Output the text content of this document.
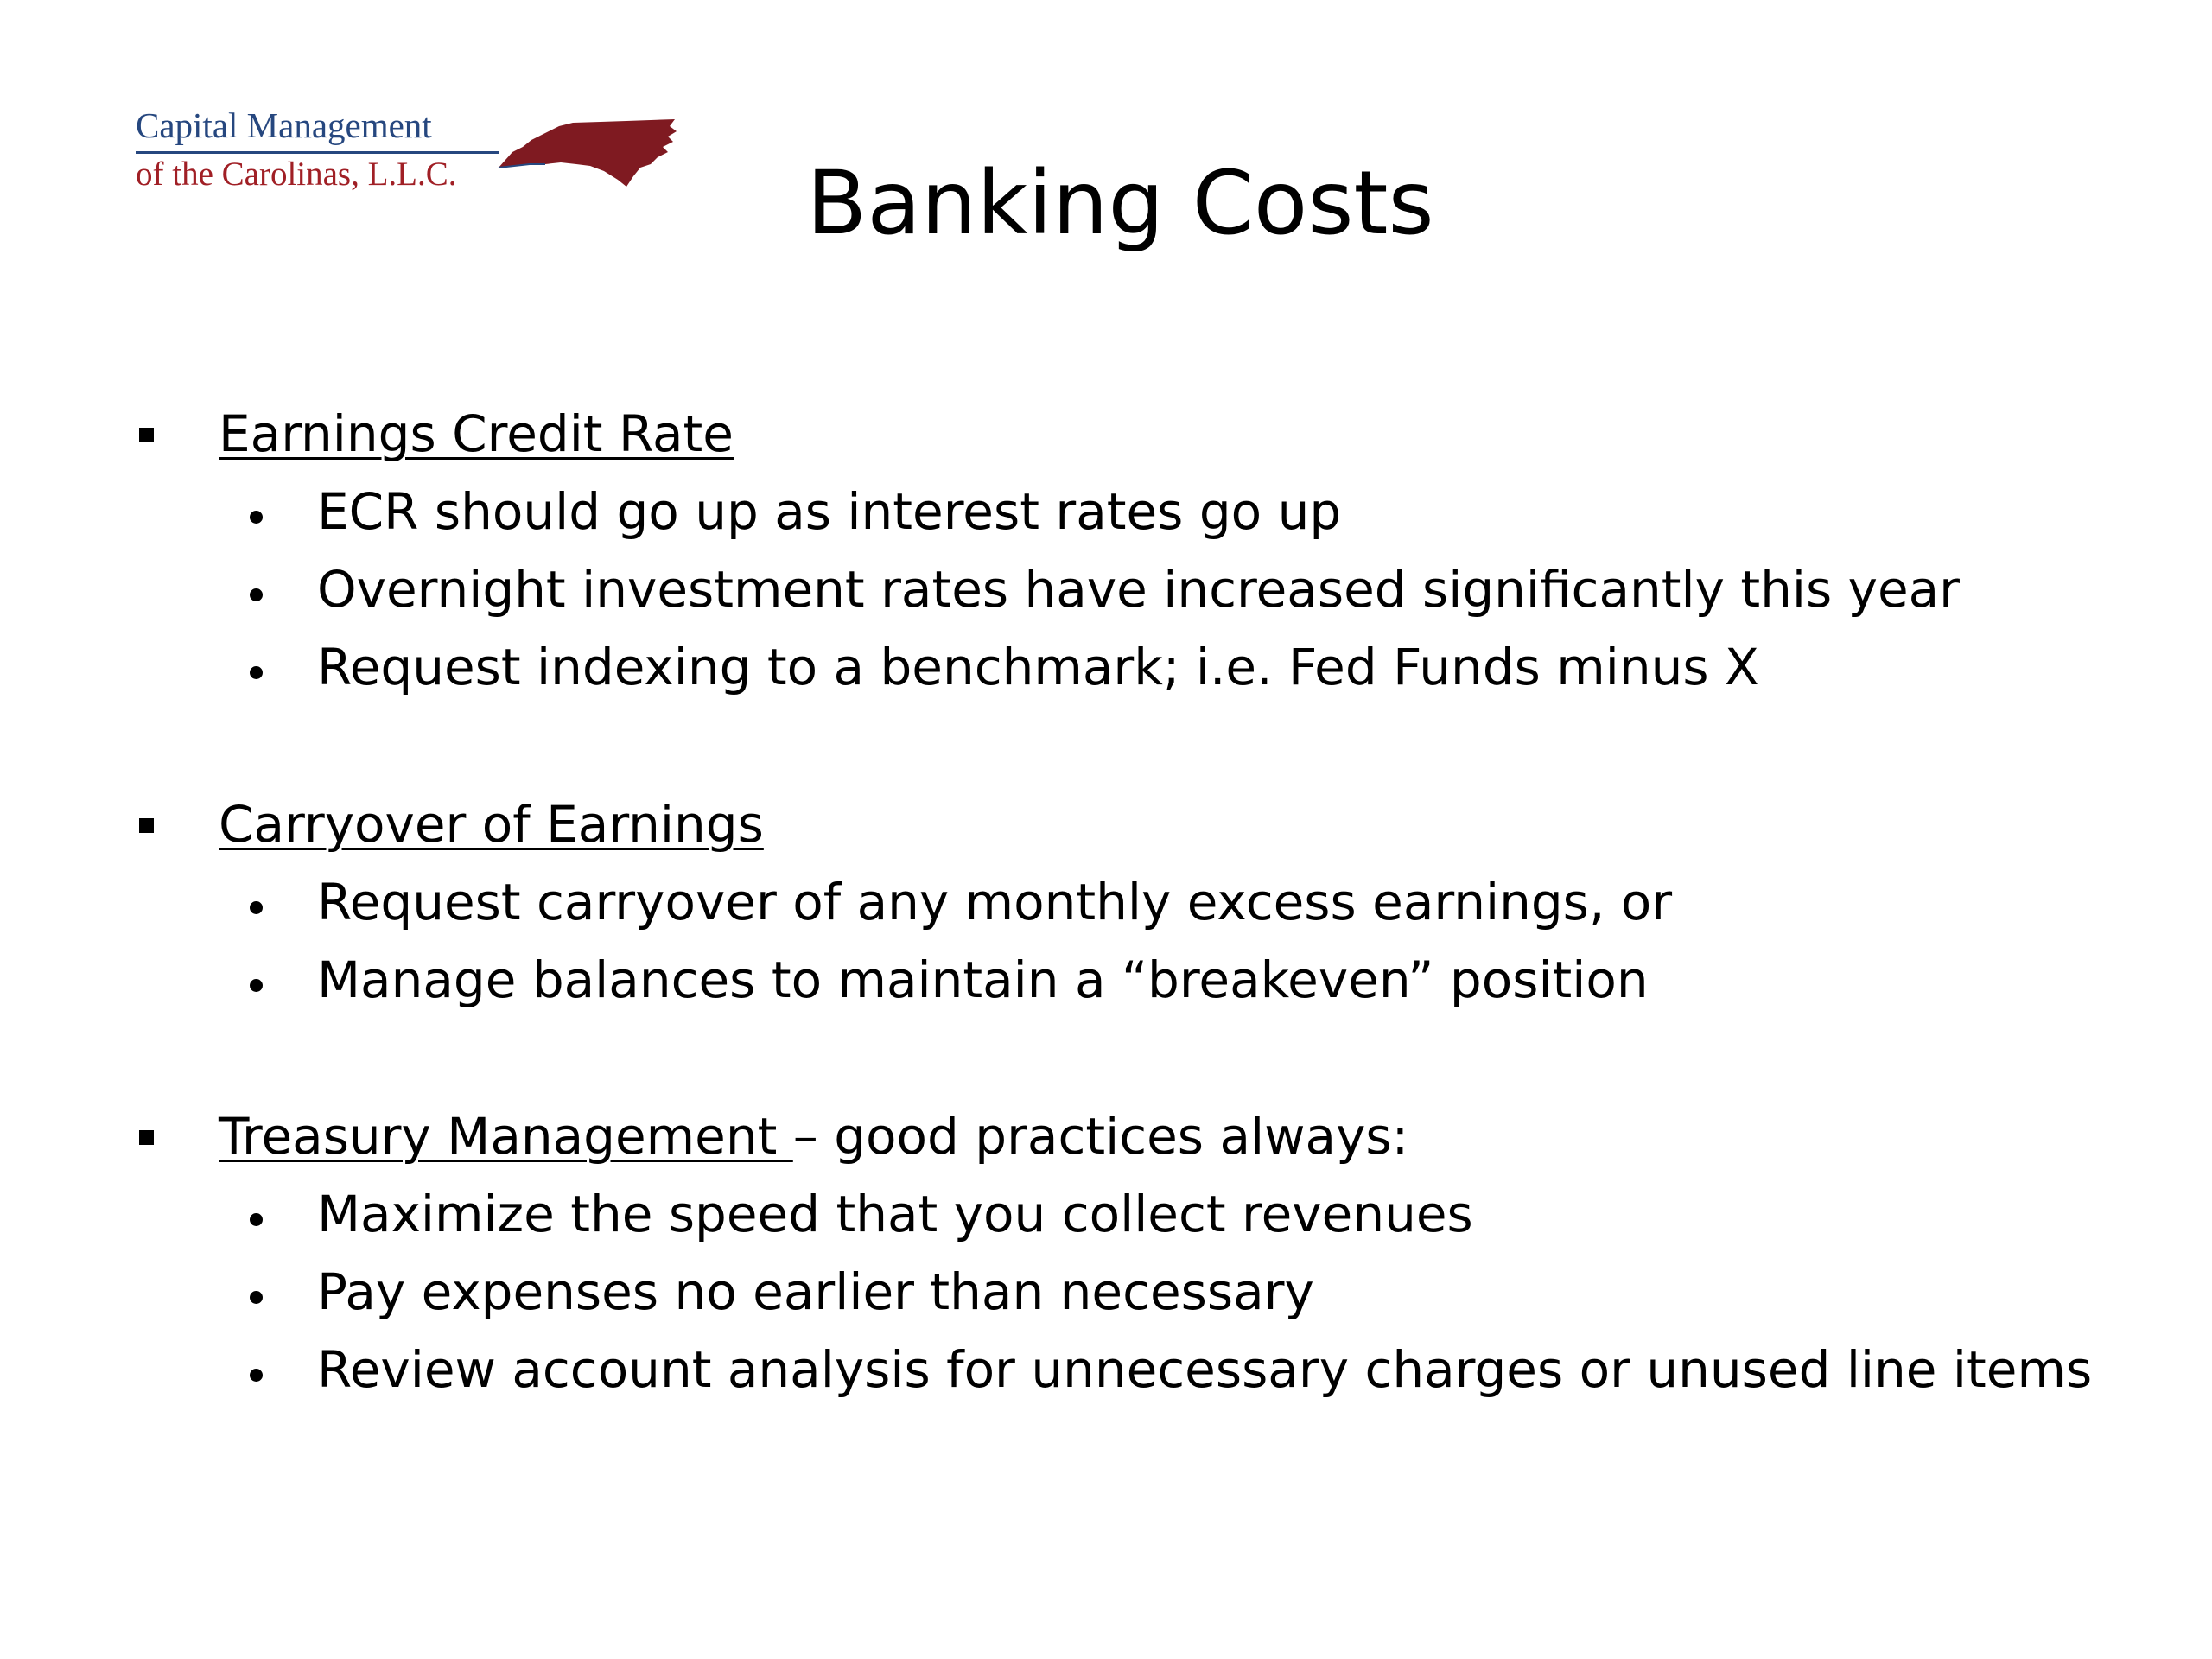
Capital Management
of the Carolinas, L.L.C.	Banking Costs
Earnings Credit Rate
ECR should go up as interest rates go up
Overnight investment rates have increased significantly this year
Request indexing to a benchmark; i.e. Fed Funds minus X
Carryover of Earnings
Request carryover of any monthly excess earnings, or
Manage balances to maintain a “breakeven” position
Treasury Management – good practices always:
Maximize the speed that you collect revenues
Pay expenses no earlier than necessary
Review account analysis for unnecessary charges or unused line items
